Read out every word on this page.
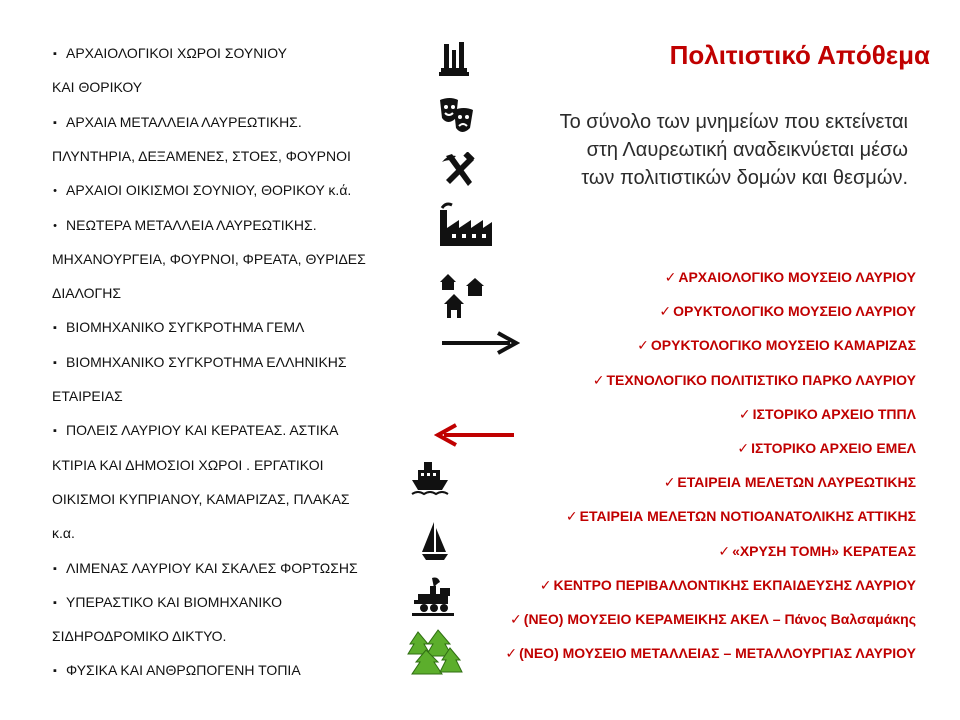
▪ ΑΡΧΑΙΟΛΟΓΙΚΟΙ ΧΩΡΟΙ ΣΟΥΝΙΟΥ
ΚΑΙ ΘΟΡΙΚΟΥ
▪ ΑΡΧΑΙΑ ΜΕΤΑΛΛΕΙΑ ΛΑΥΡΕΩΤΙΚΗΣ.
ΠΛΥΝΤΗΡΙΑ, ΔΕΞΑΜΕΝΕΣ, ΣΤΟΕΣ, ΦΟΥΡΝΟΙ
• ΑΡΧΑΙΟΙ ΟΙΚΙΣΜΟΙ ΣΟΥΝΙΟΥ, ΘΟΡΙΚΟΥ κ.ά.
• ΝΕΩΤΕΡΑ ΜΕΤΑΛΛΕΙΑ ΛΑΥΡΕΩΤΙΚΗΣ.
ΜΗΧΑΝΟΥΡΓΕΙΑ, ΦΟΥΡΝΟΙ, ΦΡΕΑΤΑ, ΘΥΡΙΔΕΣ
ΔΙΑΛΟΓΗΣ
▪ ΒΙΟΜΗΧΑΝΙΚΟ ΣΥΓΚΡΟΤΗΜΑ ΓΕΜΛ
▪ ΒΙΟΜΗΧΑΝΙΚΟ ΣΥΓΚΡΟΤΗΜΑ ΕΛΛΗΝΙΚΗΣ
ΕΤΑΙΡΕΙΑΣ
▪ ΠΟΛΕΙΣ ΛΑΥΡΙΟΥ ΚΑΙ ΚΕΡΑΤΕΑΣ. ΑΣΤΙΚΑ
ΚΤΙΡΙΑ ΚΑΙ ΔΗΜΟΣΙΟΙ ΧΩΡΟΙ . ΕΡΓΑΤΙΚΟΙ
ΟΙΚΙΣΜΟΙ ΚΥΠΡΙΑΝΟΥ, ΚΑΜΑΡΙΖΑΣ, ΠΛΑΚΑΣ
κ.α.
▪ ΛΙΜΕΝΑΣ ΛΑΥΡΙΟΥ ΚΑΙ ΣΚΑΛΕΣ ΦΟΡΤΩΣΗΣ
▪ ΥΠΕΡΑΣΤΙΚΟ ΚΑΙ ΒΙΟΜΗΧΑΝΙΚΟ
ΣΙΔΗΡΟΔΡΟΜΙΚΟ ΔΙΚΤΥΟ.
▪ ΦΥΣΙΚΑ ΚΑΙ ΑΝΘΡΩΠΟΓΕΝΗ ΤΟΠΙΑ
Πολιτιστικό Απόθεμα
Το σύνολο των μνημείων που εκτείνεται
στη Λαυρεωτική αναδεικνύεται μέσω
των πολιτιστικών δομών και θεσμών.
✓ ΑΡΧΑΙΟΛΟΓΙΚΟ ΜΟΥΣΕΙΟ ΛΑΥΡΙΟΥ
✓ ΟΡΥΚΤΟΛΟΓΙΚΟ ΜΟΥΣΕΙΟ ΛΑΥΡΙΟΥ
✓ ΟΡΥΚΤΟΛΟΓΙΚΟ ΜΟΥΣΕΙΟ ΚΑΜΑΡΙΖΑΣ
✓ ΤΕΧΝΟΛΟΓΙΚΟ ΠΟΛΙΤΙΣΤΙΚΟ ΠΑΡΚΟ ΛΑΥΡΙΟΥ
✓ ΙΣΤΟΡΙΚΟ ΑΡΧΕΙΟ ΤΠΠΛ
✓ ΙΣΤΟΡΙΚΟ ΑΡΧΕΙΟ ΕΜΕΛ
✓ ΕΤΑΙΡΕΙΑ ΜΕΛΕΤΩΝ ΛΑΥΡΕΩΤΙΚΗΣ
✓ ΕΤΑΙΡΕΙΑ ΜΕΛΕΤΩΝ ΝΟΤΙΟΑΝΑΤΟΛΙΚΗΣ ΑΤΤΙΚΗΣ
✓ «ΧΡΥΣΗ ΤΟΜΗ» ΚΕΡΑΤΕΑΣ
✓ ΚΕΝΤΡΟ ΠΕΡΙΒΑΛΛΟΝΤΙΚΗΣ ΕΚΠΑΙΔΕΥΣΗΣ ΛΑΥΡΙΟΥ
✓ (ΝΕΟ) ΜΟΥΣΕΙΟ ΚΕΡΑΜΕΙΚΗΣ ΑΚΕΛ – Πάνος Βαλσαμάκης
✓ (ΝΕΟ) ΜΟΥΣΕΙΟ ΜΕΤΑΛΛΕΙΑΣ – ΜΕΤΑΛΛΟΥΡΓΙΑΣ ΛΑΥΡΙΟΥ
